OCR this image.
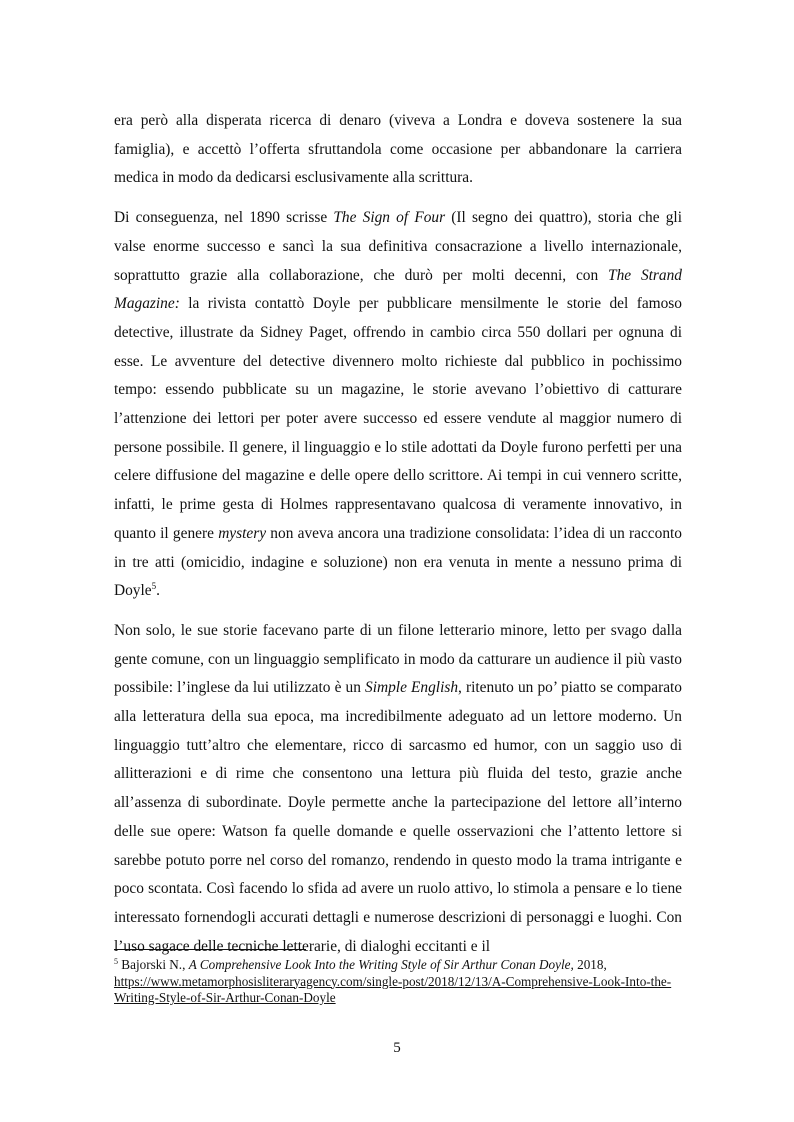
era però alla disperata ricerca di denaro (viveva a Londra e doveva sostenere la sua famiglia), e accettò l’offerta sfruttandola come occasione per abbandonare la carriera medica in modo da dedicarsi esclusivamente alla scrittura.

Di conseguenza, nel 1890 scrisse The Sign of Four (Il segno dei quattro), storia che gli valse enorme successo e sancì la sua definitiva consacrazione a livello internazionale, soprattutto grazie alla collaborazione, che durò per molti decenni, con The Strand Magazine: la rivista contattò Doyle per pubblicare mensilmente le storie del famoso detective, illustrate da Sidney Paget, offrendo in cambio circa 550 dollari per ognuna di esse. Le avventure del detective divennero molto richieste dal pubblico in pochissimo tempo: essendo pubblicate su un magazine, le storie avevano l’obiettivo di catturare l’attenzione dei lettori per poter avere successo ed essere vendute al maggior numero di persone possibile. Il genere, il linguaggio e lo stile adottati da Doyle furono perfetti per una celere diffusione del magazine e delle opere dello scrittore. Ai tempi in cui vennero scritte, infatti, le prime gesta di Holmes rappresentavano qualcosa di veramente innovativo, in quanto il genere mystery non aveva ancora una tradizione consolidata: l’idea di un racconto in tre atti (omicidio, indagine e soluzione) non era venuta in mente a nessuno prima di Doyle$^5$.

Non solo, le sue storie facevano parte di un filone letterario minore, letto per svago dalla gente comune, con un linguaggio semplificato in modo da catturare un audience il più vasto possibile: l’inglese da lui utilizzato è un Simple English, ritenuto un po’ piatto se comparato alla letteratura della sua epoca, ma incredibilmente adeguato ad un lettore moderno. Un linguaggio tutt’altro che elementare, ricco di sarcasmo ed humor, con un saggio uso di allitterazioni e di rime che consentono una lettura più fluida del testo, grazie anche all’assenza di subordinate. Doyle permette anche la partecipazione del lettore all’interno delle sue opere: Watson fa quelle domande e quelle osservazioni che l’attento lettore si sarebbe potuto porre nel corso del romanzo, rendendo in questo modo la trama intrigante e poco scontata. Così facendo lo sfida ad avere un ruolo attivo, lo stimola a pensare e lo tiene interessato fornendogli accurati dettagli e numerose descrizioni di personaggi e luoghi. Con l’uso sagace delle tecniche letterarie, di dialoghi eccitanti e il

$^5$ Bajorski N., A Comprehensive Look Into the Writing Style of Sir Arthur Conan Doyle, 2018,
https://www.metamorphosisliteraryagency.com/single-post/2018/12/13/A-Comprehensive-Look-Into-the-Writing-Style-of-Sir-Arthur-Conan-Doyle
5
